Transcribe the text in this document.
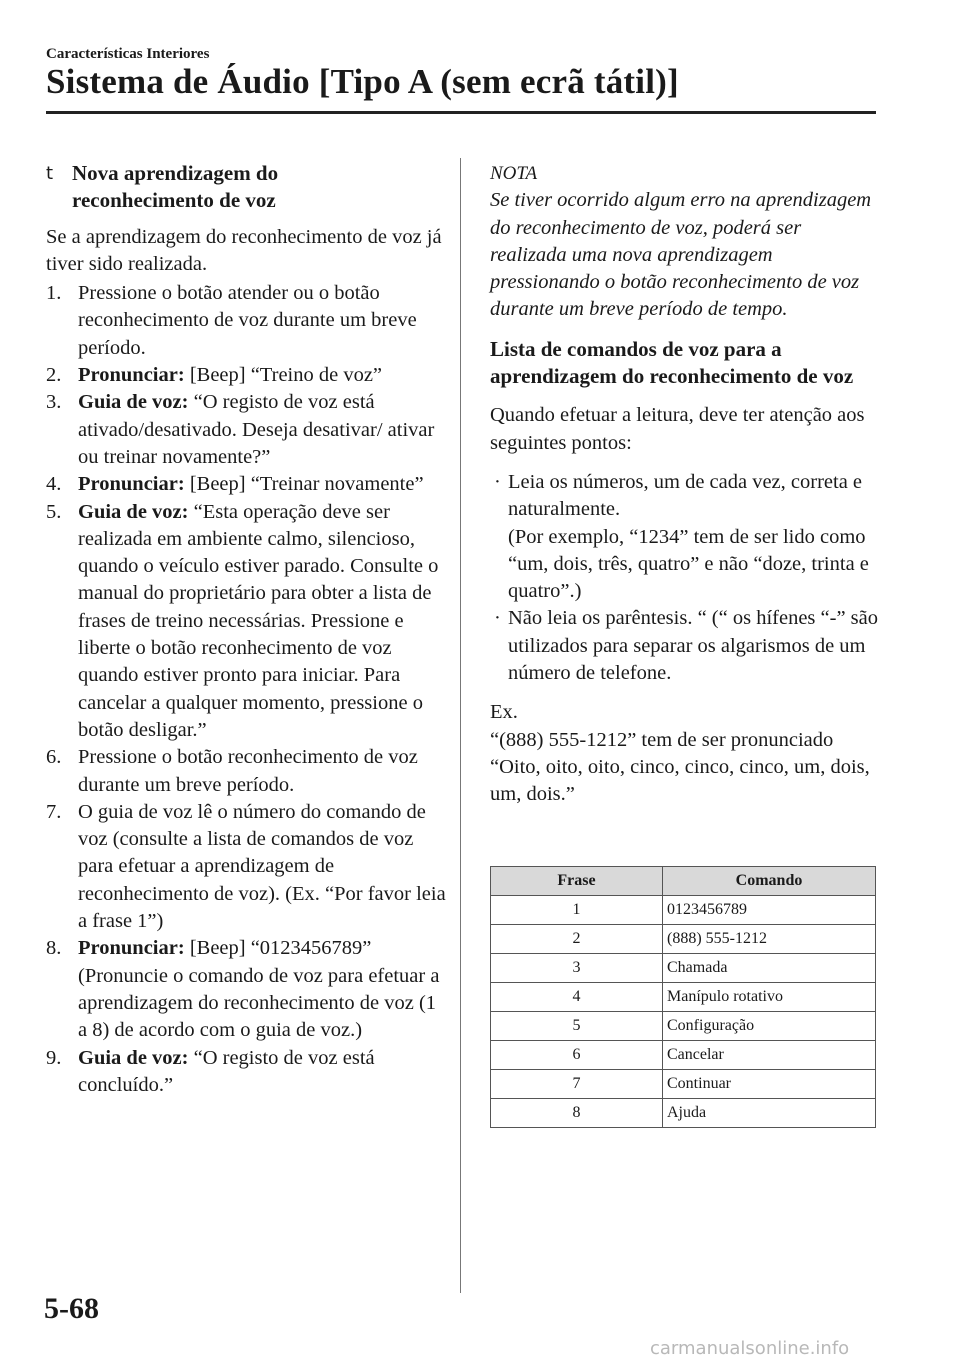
Características Interiores
Sistema de Áudio [Tipo A (sem ecrã tátil)]
t Nova aprendizagem do
reconhecimento de voz

Se a aprendizagem do reconhecimento de voz já tiver sido realizada.

1. Pressione o botão atender ou o botão reconhecimento de voz durante um breve período.
2. Pronunciar: [Beep] “Treino de voz”
3. Guia de voz: “O registo de voz está ativado/desativado. Deseja desativar/ ativar ou treinar novamente?”
4. Pronunciar: [Beep] “Treinar novamente”
5. Guia de voz: “Esta operação deve ser realizada em ambiente calmo, silencioso, quando o veículo estiver parado. Consulte o manual do proprietário para obter a lista de frases de treino necessárias. Pressione e liberte o botão reconhecimento de voz quando estiver pronto para iniciar. Para cancelar a qualquer momento, pressione o botão desligar.”
6. Pressione o botão reconhecimento de voz durante um breve período.
7. O guia de voz lê o número do comando de voz (consulte a lista de comandos de voz para efetuar a aprendizagem de reconhecimento de voz). (Ex. “Por favor leia a frase 1”)
8. Pronunciar: [Beep] “0123456789” (Pronuncie o comando de voz para efetuar a aprendizagem do reconhecimento de voz (1 a 8) de acordo com o guia de voz.)
9. Guia de voz: “O registo de voz está concluído.”
NOTA

Se tiver ocorrido algum erro na aprendizagem do reconhecimento de voz, poderá ser realizada uma nova aprendizagem pressionando o botão reconhecimento de voz durante um breve período de tempo.

Lista de comandos de voz para a aprendizagem do reconhecimento de voz

Quando efetuar a leitura, deve ter atenção aos seguintes pontos:

· Leia os números, um de cada vez, correta e naturalmente.
(Por exemplo, “1234” tem de ser lido como “um, dois, três, quatro” e não “doze, trinta e quatro”.)
· Não leia os parêntesis. “ (“ os hífenes “-” são utilizados para separar os algarismos de um número de telefone.

Ex.

“(888) 555-1212” tem de ser pronunciado “Oito, oito, oito, cinco, cinco, cinco, um, dois, um, dois.”

Frase	Comando
1	0123456789
2	(888) 555-1212
3	Chamada
4	Manípulo rotativo
5	Configuração
6	Cancelar
7	Continuar
8	Ajuda
5-68
carmanualsonline.info
